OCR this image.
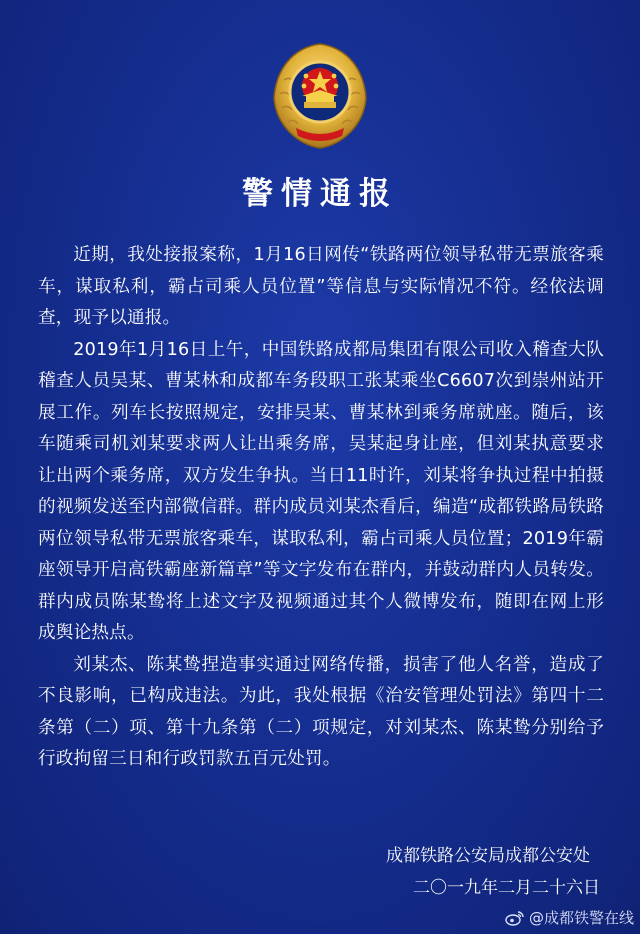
警情通报

近期，我处接报案称，1月16日网传“铁路两位领导私带无票旅客乘车，谋取私利，霸占司乘人员位置”等信息与实际情况不符。经依法调查，现予以通报。

2019年1月16日上午，中国铁路成都局集团有限公司收入稽查大队稽查人员吴某、曹某林和成都车务段职工张某乘坐C6607次到崇州站开展工作。列车长按照规定，安排吴某、曹某林到乘务席就座。随后，该车随乘司机刘某要求两人让出乘务席，吴某起身让座，但刘某执意要求让出两个乘务席，双方发生争执。当日11时许，刘某将争执过程中拍摄的视频发送至内部微信群。群内成员刘某杰看后，编造“成都铁路局铁路两位领导私带无票旅客乘车，谋取私利，霸占司乘人员位置；2019年霸座领导开启高铁霸座新篇章”等文字发布在群内，并鼓动群内人员转发。群内成员陈某鸷将上述文字及视频通过其个人微博发布，随即在网上形成舆论热点。

刘某杰、陈某鸷捏造事实通过网络传播，损害了他人名誉，造成了不良影响，已构成违法。为此，我处根据《治安管理处罚法》第四十二条第（二）项、第十九条第（二）项规定，对刘某杰、陈某鸷分别给予行政拘留三日和行政罚款五百元处罚。

成都铁路公安局成都公安处
二〇一九年二月二十六日
@成都铁警在线
